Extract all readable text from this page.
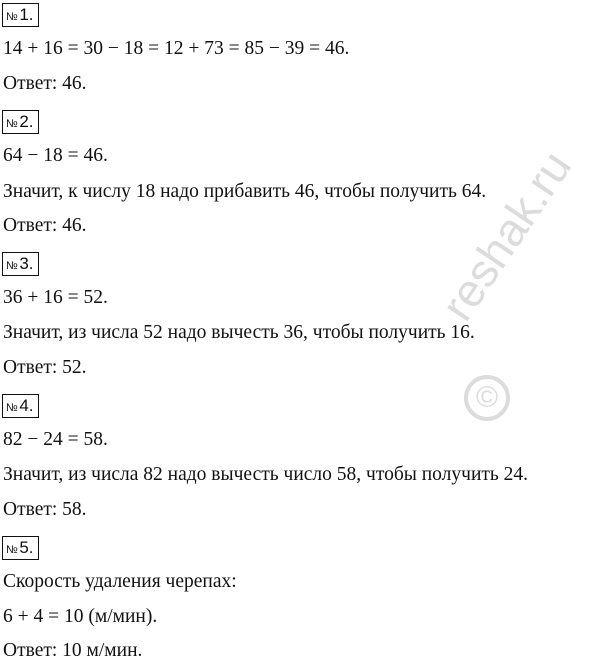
№ 1.
14 + 16 = 30 − 18 = 12 + 73 = 85 − 39 = 46.
Ответ: 46.
№ 2.
64 − 18 = 46.
Значит, к числу 18 надо прибавить 46, чтобы получить 64.
Ответ: 46.
№ 3.
36 + 16 = 52.
Значит, из числа 52 надо вычесть 36, чтобы получить 16.
Ответ: 52.
№ 4.
82 − 24 = 58.
Значит, из числа 82 надо вычесть число 58, чтобы получить 24.
Ответ: 58.
№ 5.
Скорость удаления черепах:
6 + 4 = 10 (м/мин).
Ответ: 10 м/мин.
reshak.ru
©
